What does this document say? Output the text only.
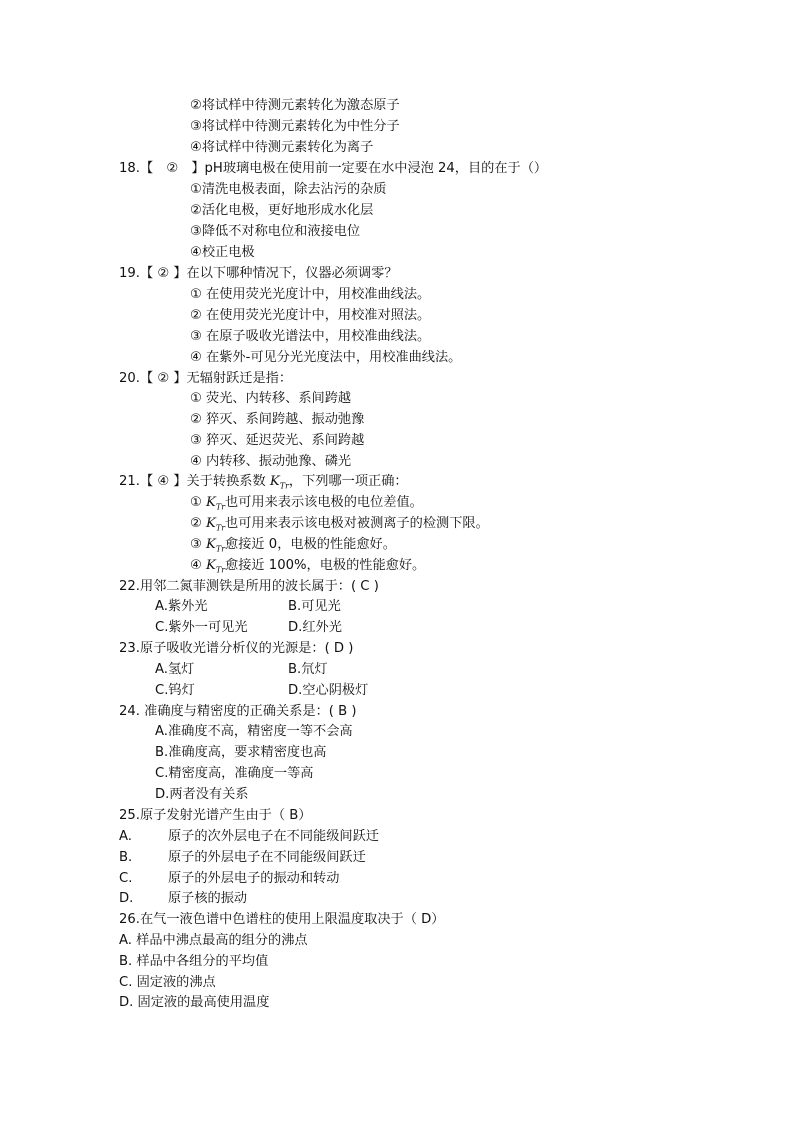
②将试样中待测元素转化为激态原子
③将试样中待测元素转化为中性分子
④将试样中待测元素转化为离子
18.【　②　】pH玻璃电极在使用前一定要在水中浸泡 24，目的在于（）
①清洗电极表面，除去沾污的杂质
②活化电极，更好地形成水化层
③降低不对称电位和液接电位
④校正电极
19.【 ② 】在以下哪种情况下，仪器必须调零？
① 在使用荧光光度计中，用校准曲线法。
② 在使用荧光光度计中，用校准对照法。
③ 在原子吸收光谱法中，用校准曲线法。
④ 在紫外-可见分光光度法中，用校准曲线法。
20.【 ② 】无辐射跃迁是指：
① 荧光、内转移、系间跨越
② 猝灭、系间跨越、振动弛豫
③ 猝灭、延迟荧光、系间跨越
④ 内转移、振动弛豫、磷光
21.【 ④ 】关于转换系数 $K_{Tr}$，下列哪一项正确：
① $K_{Tr}$也可用来表示该电极的电位差值。
② $K_{Tr}$也可用来表示该电极对被测离子的检测下限。
③ $K_{Tr}$愈接近 0，电极的性能愈好。
④ $K_{Tr}$愈接近 100%，电极的性能愈好。
22.用邻二氮菲测铁是所用的波长属于：( C )
A.紫外光	B.可见光
C.紫外一可见光	D.红外光
23.原子吸收光谱分析仪的光源是：( D )
A.氢灯	B.氘灯
C.钨灯	D.空心阴极灯
24. 准确度与精密度的正确关系是：( B )
A.准确度不高，精密度一等不会高
B.准确度高，要求精密度也高
C.精密度高，准确度一等高
D.两者没有关系
25.原子发射光谱产生由于（ B）
A.	原子的次外层电子在不同能级间跃迁
B.	原子的外层电子在不同能级间跃迁
C.	原子的外层电子的振动和转动
D.	原子核的振动
26.在气一液色谱中色谱柱的使用上限温度取决于（ D）
A. 样品中沸点最高的组分的沸点
B. 样品中各组分的平均值
C. 固定液的沸点
D. 固定液的最高使用温度
